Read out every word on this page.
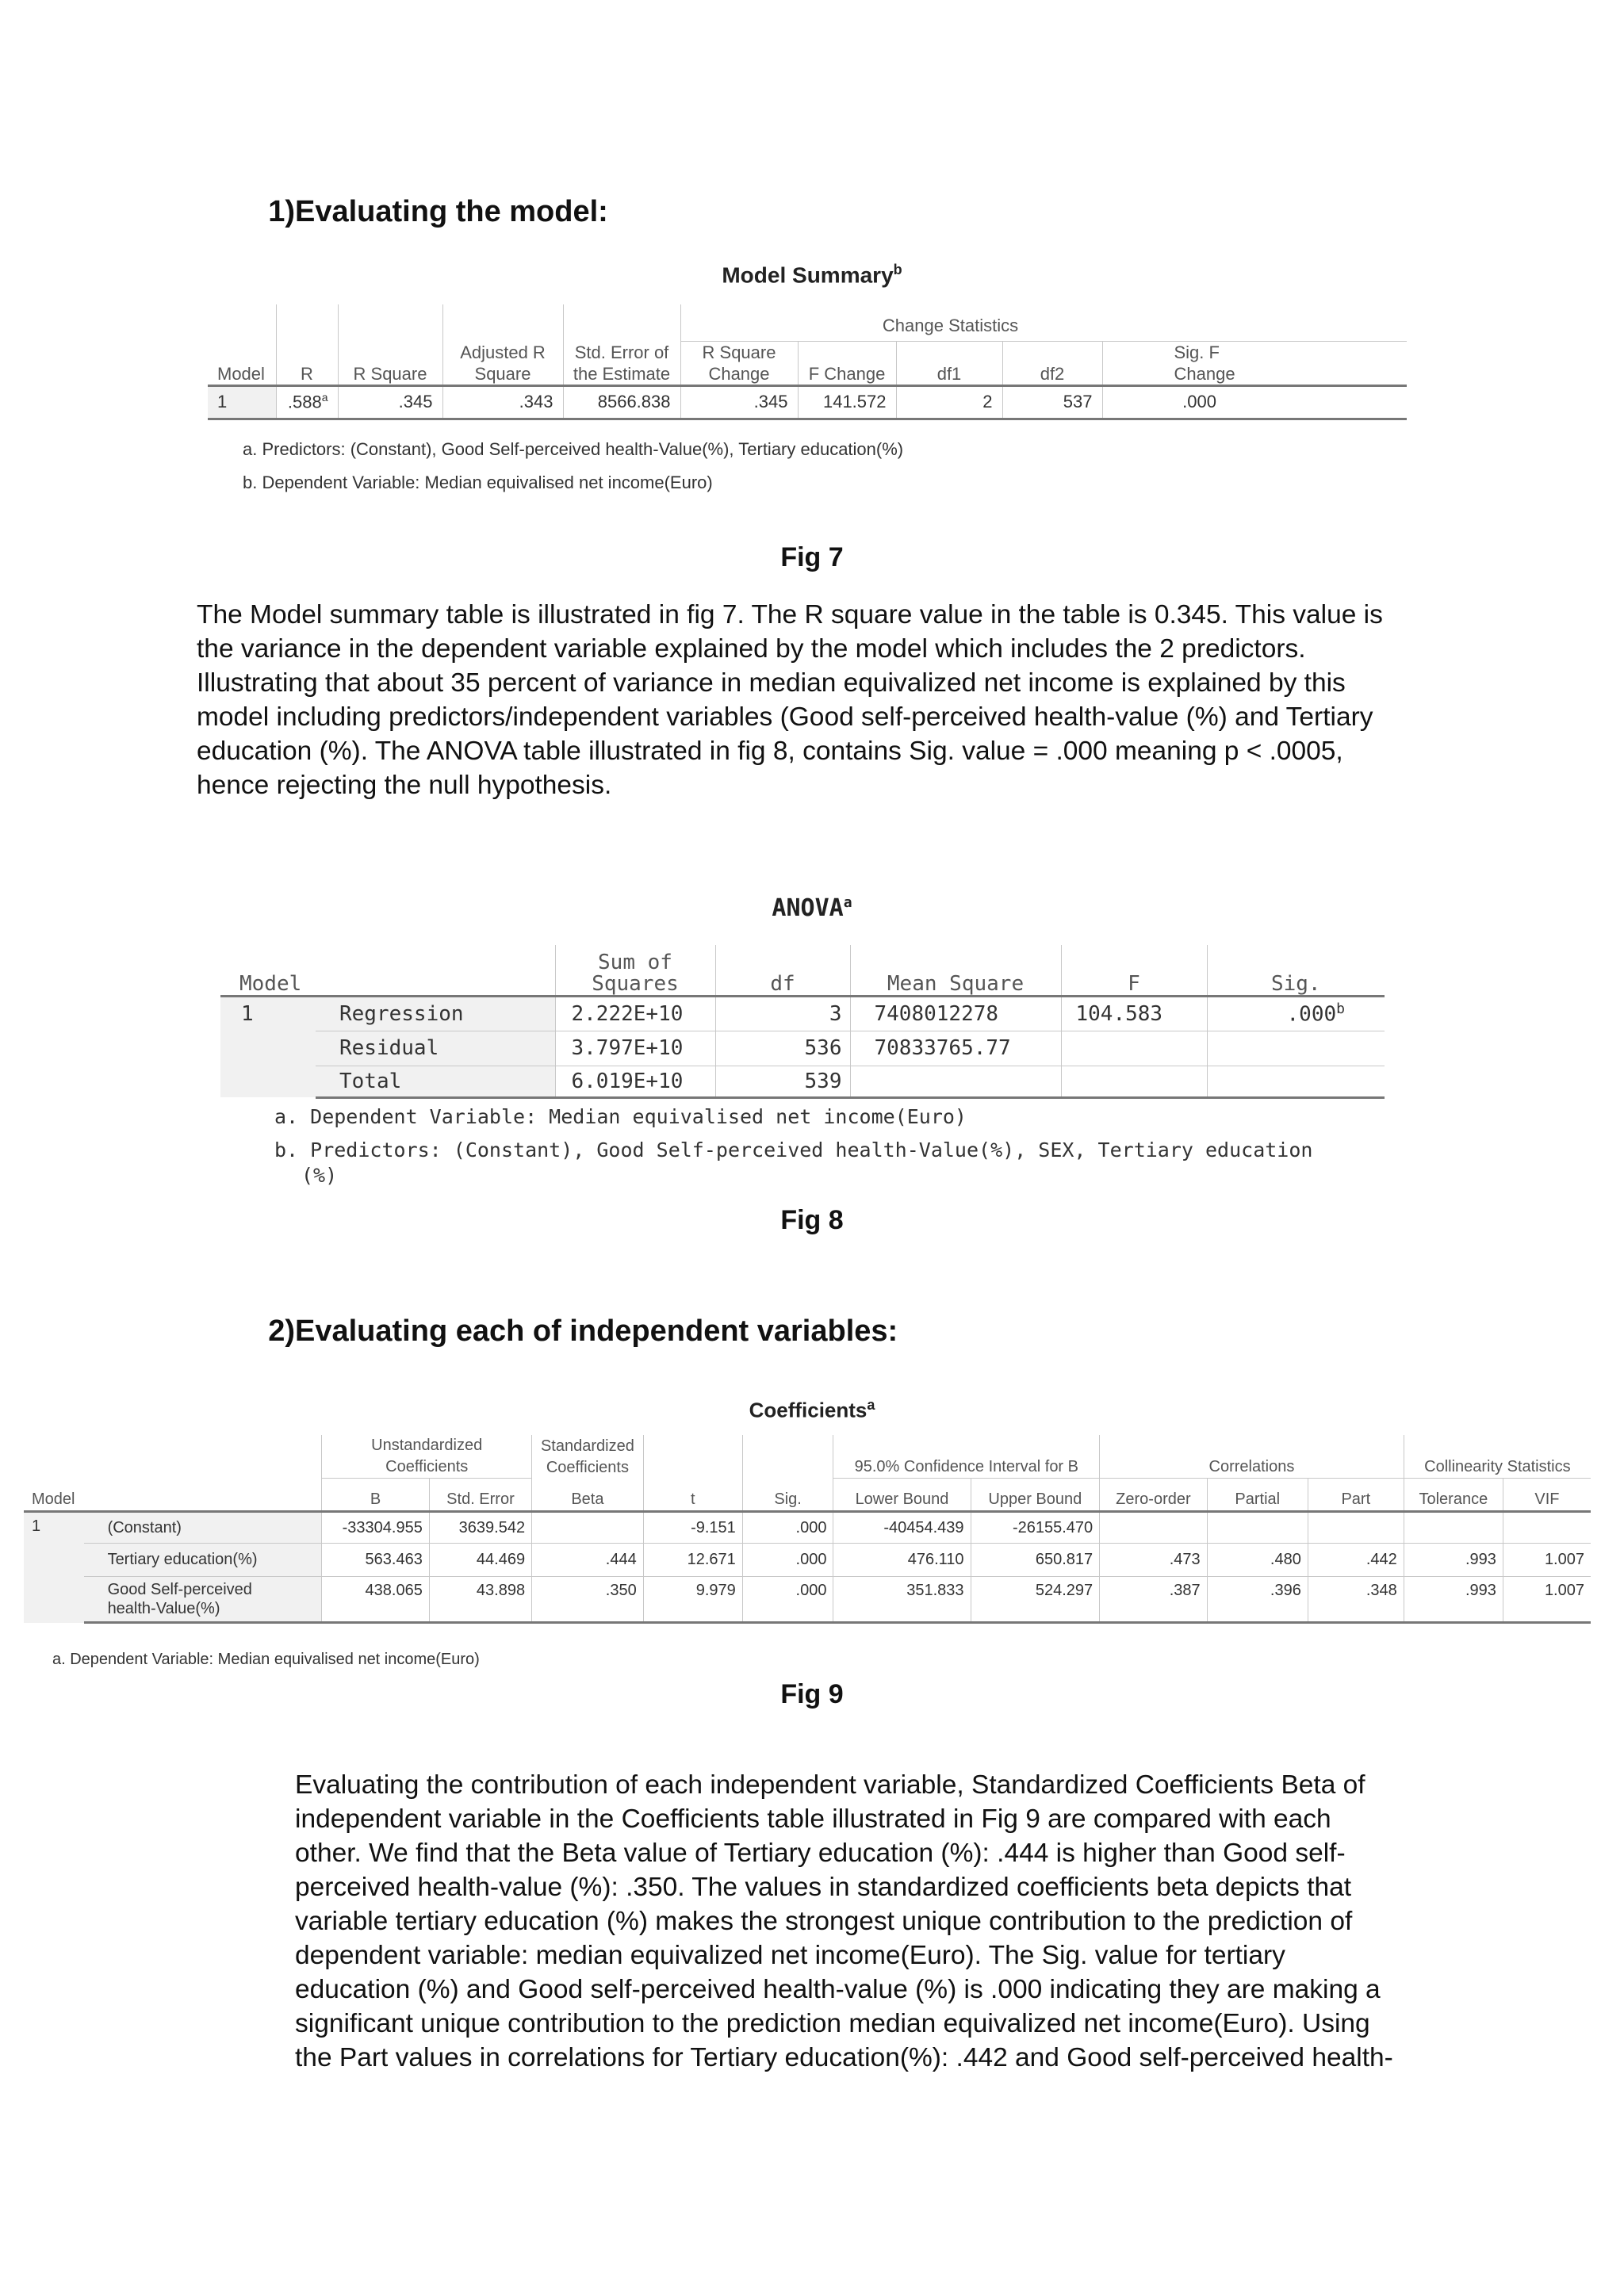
1)Evaluating the model:
Model Summary$^b$

					Change Statistics				

Model	R	R Square	Adjusted R
Square	Std. Error of
the Estimate	R Square
Change	F Change	df1	df2	Sig. F
Change
1	.588$^a$	.345	.343	8566.838	.345	141.572	2	537	.000
a. Predictors: (Constant), Good Self-perceived health-Value(%), Tertiary education(%)
b. Dependent Variable: Median equivalised net income(Euro)
Fig 7

The Model summary table is illustrated in fig 7. The R square value in the table is 0.345. This value is

the variance in the dependent variable explained by the model which includes the 2 predictors.

Illustrating that about 35 percent of variance in median equivalized net income is explained by this

model including predictors/independent variables (Good self-perceived health-value (%) and Tertiary

education (%). The ANOVA table illustrated in fig 8, contains Sig. value = .000 meaning p < .0005,

hence rejecting the null hypothesis.

ANOVA$^a$
Model		Sum of
Squares	df	Mean Square	F	Sig.
1	Regression	2.222E+10	3	7408012278	104.583	.000$^b$
	Residual	3.797E+10	536	70833765.77		
	Total	6.019E+10	539			
a. Dependent Variable: Median equivalised net income(Euro)
b. Predictors: (Constant), Good Self-perceived health-Value(%), SEX, Tertiary education
(%)
Fig 8
2)Evaluating each of independent variables:
Coefficients$^a$
		Unstandardized Coefficients		Standardized
Coefficients			95.0% Confidence Interval for B		Correlations			Collinearity Statistics	
Model		B	Std. Error	Beta	t	Sig.	Lower Bound	Upper Bound	Zero-order	Partial	Part	Tolerance	VIF
1	(Constant)	-33304.955	3639.542		-9.151	.000	-40454.439	-26155.470					
	Tertiary education(%)	563.463	44.469	.444	12.671	.000	476.110	650.817	.473	.480	.442	.993	1.007
	Good Self-perceived
health-Value(%)	438.065	43.898	.350	9.979	.000	351.833	524.297	.387	.396	.348	.993	1.007
a. Dependent Variable: Median equivalised net income(Euro)
Fig 9

Evaluating the contribution of each independent variable, Standardized Coefficients Beta of

independent variable in the Coefficients table illustrated in Fig 9 are compared with each

other. We find that the Beta value of Tertiary education (%): .444 is higher than Good self-

perceived health-value (%): .350. The values in standardized coefficients beta depicts that

variable tertiary education (%) makes the strongest unique contribution to the prediction of

dependent variable: median equivalized net income(Euro). The Sig. value for tertiary

education (%) and Good self-perceived health-value (%) is .000 indicating they are making a

significant unique contribution to the prediction median equivalized net income(Euro). Using

the Part values in correlations for Tertiary education(%): .442 and Good self-perceived health-
